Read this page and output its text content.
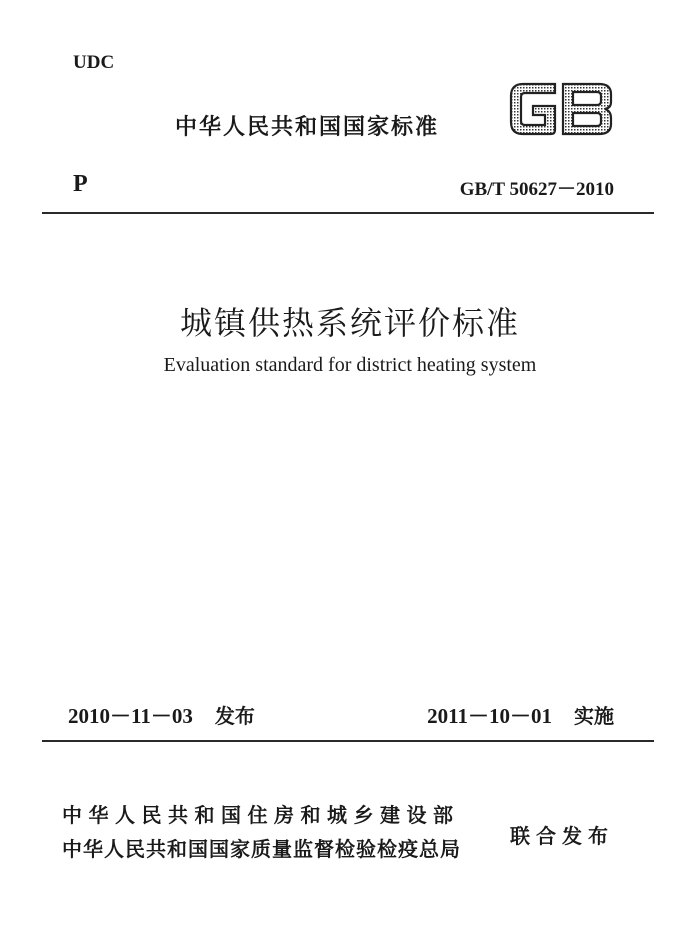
UDC
中华人民共和国国家标准
P	GB/T 50627－2010
城镇供热系统评价标准
Evaluation standard for district heating system
2010－11－03 发布	2011－10－01 实施
中华人民共和国住房和城乡建设部
中华人民共和国国家质量监督检验检疫总局
联合发布
